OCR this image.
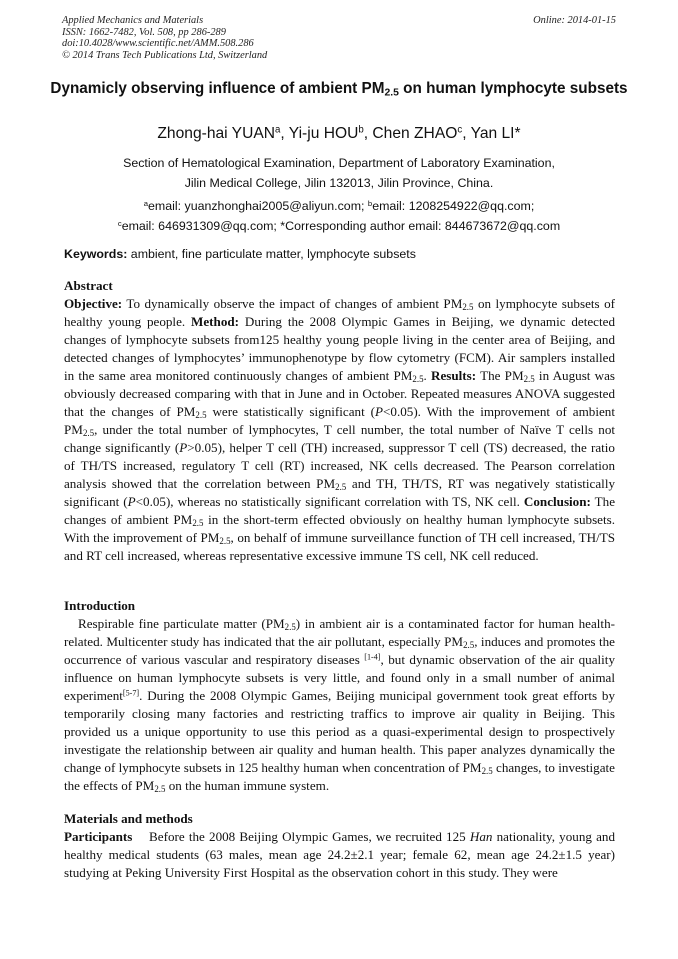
Applied Mechanics and Materials
ISSN: 1662-7482, Vol. 508, pp 286-289
doi:10.4028/www.scientific.net/AMM.508.286
© 2014 Trans Tech Publications Ltd, Switzerland
Online: 2014-01-15
Dynamicly observing influence of ambient $PM_{2.5}$ on human lymphocyte subsets
Zhong-hai YUAN$^a$, Yi-ju HOU$^b$, Chen ZHAO$^c$, Yan LI*
Section of Hematological Examination, Department of Laboratory Examination,
Jilin Medical College, Jilin 132013, Jilin Province, China.
$^a$email: yuanzhonghai2005@aliyun.com; $^b$email: 1208254922@qq.com;
$^c$email: 646931309@qq.com; *Corresponding author email: 844673672@qq.com
Keywords: ambient, fine particulate matter, lymphocyte subsets
Abstract
Objective: To dynamically observe the impact of changes of ambient $PM_{2.5}$ on lymphocyte subsets of healthy young people. Method: During the 2008 Olympic Games in Beijing, we dynamic detected changes of lymphocyte subsets from125 healthy young people living in the center area of Beijing, and detected changes of lymphocytes’ immunophenotype by flow cytometry (FCM). Air samplers installed in the same area monitored continuously changes of ambient $PM_{2.5}$. Results: The $PM_{2.5}$ in August was obviously decreased comparing with that in June and in October. Repeated measures ANOVA suggested that the changes of $PM_{2.5}$ were statistically significant (P<0.05). With the improvement of ambient $PM_{2.5}$, under the total number of lymphocytes, T cell number, the total number of Naïve T cells not change significantly (P>0.05), helper T cell (TH) increased, suppressor T cell (TS) decreased, the ratio of TH/TS increased, regulatory T cell (RT) increased, NK cells decreased. The Pearson correlation analysis showed that the correlation between $PM_{2.5}$ and TH, TH/TS, RT was negatively statistically significant (P<0.05), whereas no statistically significant correlation with TS, NK cell. Conclusion: The changes of ambient $PM_{2.5}$ in the short-term effected obviously on healthy human lymphocyte subsets. With the improvement of $PM_{2.5}$, on behalf of immune surveillance function of TH cell increased, TH/TS and RT cell increased, whereas representative excessive immune TS cell, NK cell reduced.
Introduction
Respirable fine particulate matter $(PM_{2.5})$ in ambient air is a contaminated factor for human health-related. Multicenter study has indicated that the air pollutant, especially $PM_{2.5}$, induces and promotes the occurrence of various vascular and respiratory diseases [1-4], but dynamic observation of the air quality influence on human lymphocyte subsets is very little, and found only in a small number of animal experiment[5-7]. During the 2008 Olympic Games, Beijing municipal government took great efforts by temporarily closing many factories and restricting traffics to improve air quality in Beijing. This provided us a unique opportunity to use this period as a quasi-experimental design to prospectively investigate the relationship between air quality and human health. This paper analyzes dynamically the change of lymphocyte subsets in 125 healthy human when concentration of $PM_{2.5}$ changes, to investigate the effects of $PM_{2.5}$ on the human immune system.
Materials and methods
Participants    Before the 2008 Beijing Olympic Games, we recruited 125 Han nationality, young and healthy medical students (63 males, mean age 24.2±2.1 year; female 62, mean age 24.2±1.5 year) studying at Peking University First Hospital as the observation cohort in this study. They were
